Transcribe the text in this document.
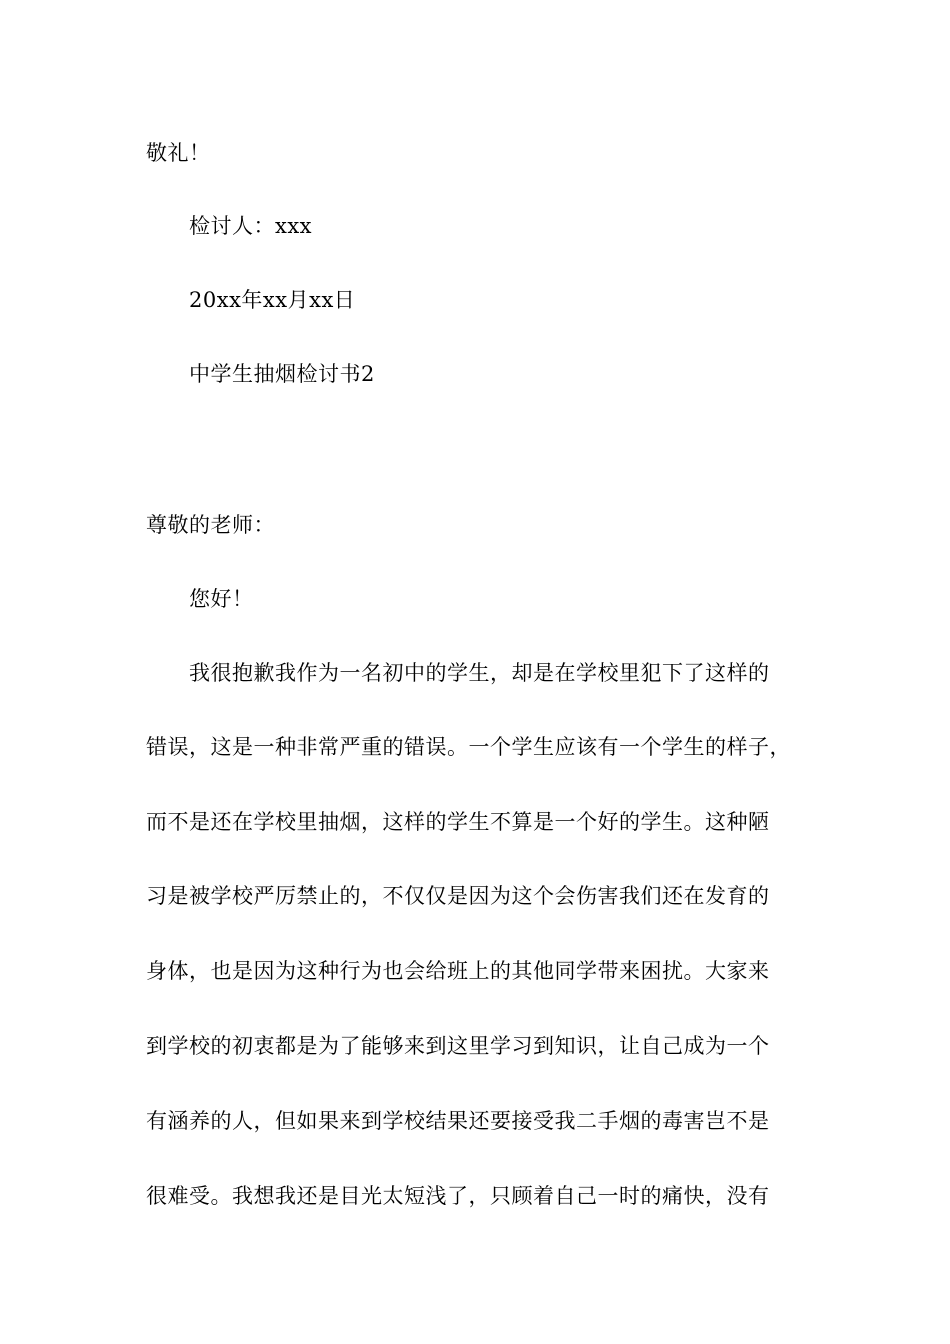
敬礼！
检讨人：xxx
20xx年xx月xx日
中学生抽烟检讨书2
尊敬的老师：
您好！
我很抱歉我作为一名初中的学生，却是在学校里犯下了这样的
错误，这是一种非常严重的错误。一个学生应该有一个学生的样子，
而不是还在学校里抽烟，这样的学生不算是一个好的学生。这种陋
习是被学校严厉禁止的，不仅仅是因为这个会伤害我们还在发育的
身体，也是因为这种行为也会给班上的其他同学带来困扰。大家来
到学校的初衷都是为了能够来到这里学习到知识，让自己成为一个
有涵养的人，但如果来到学校结果还要接受我二手烟的毒害岂不是
很难受。我想我还是目光太短浅了，只顾着自己一时的痛快，没有
